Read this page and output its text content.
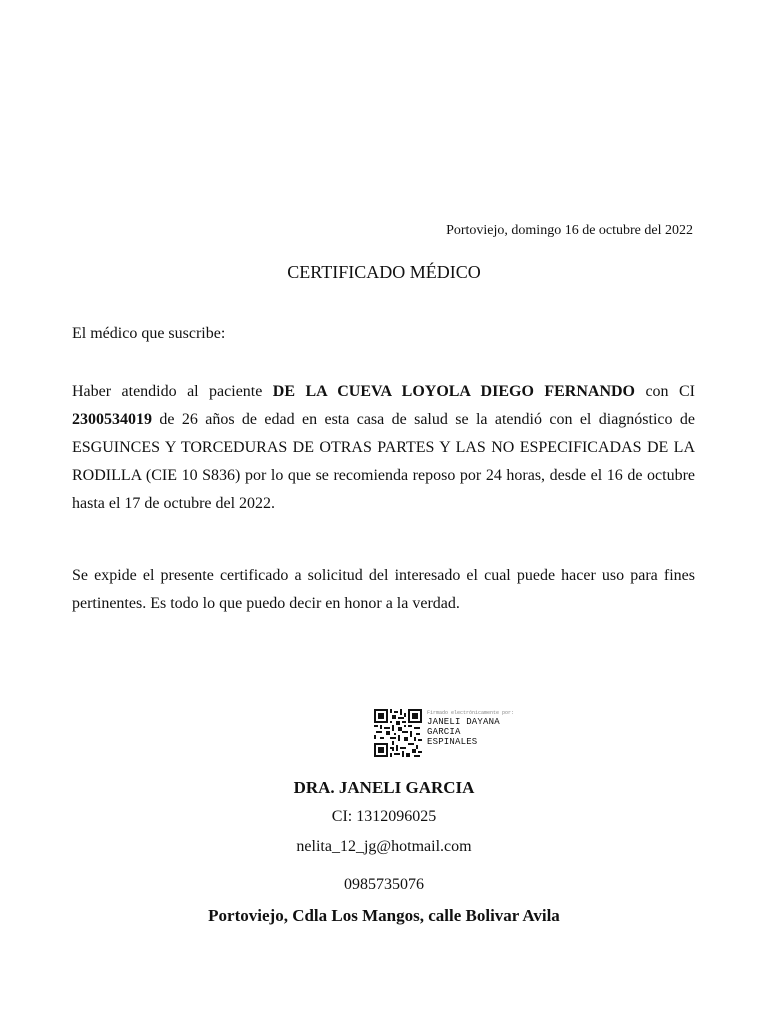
Portoviejo, domingo 16 de octubre del 2022
CERTIFICADO MÉDICO

El médico que suscribe:

Haber atendido al paciente DE LA CUEVA LOYOLA DIEGO FERNANDO con CI 2300534019 de 26 años de edad en esta casa de salud se la atendió con el diagnóstico de ESGUINCES Y TORCEDURAS DE OTRAS PARTES Y LAS NO ESPECIFICADAS DE LA RODILLA (CIE 10 S836) por lo que se recomienda reposo por 24 horas, desde el 16 de octubre hasta el 17 de octubre del 2022.

Se expide el presente certificado a solicitud del interesado el cual puede hacer uso para fines pertinentes. Es todo lo que puedo decir en honor a la verdad.

Firmado electrónicamente por:
JANELI DAYANA
GARCIA
ESPINALES

DRA. JANELI GARCIA

CI: 1312096025

nelita_12_jg@hotmail.com

0985735076

Portoviejo, Cdla Los Mangos, calle Bolivar Avila
